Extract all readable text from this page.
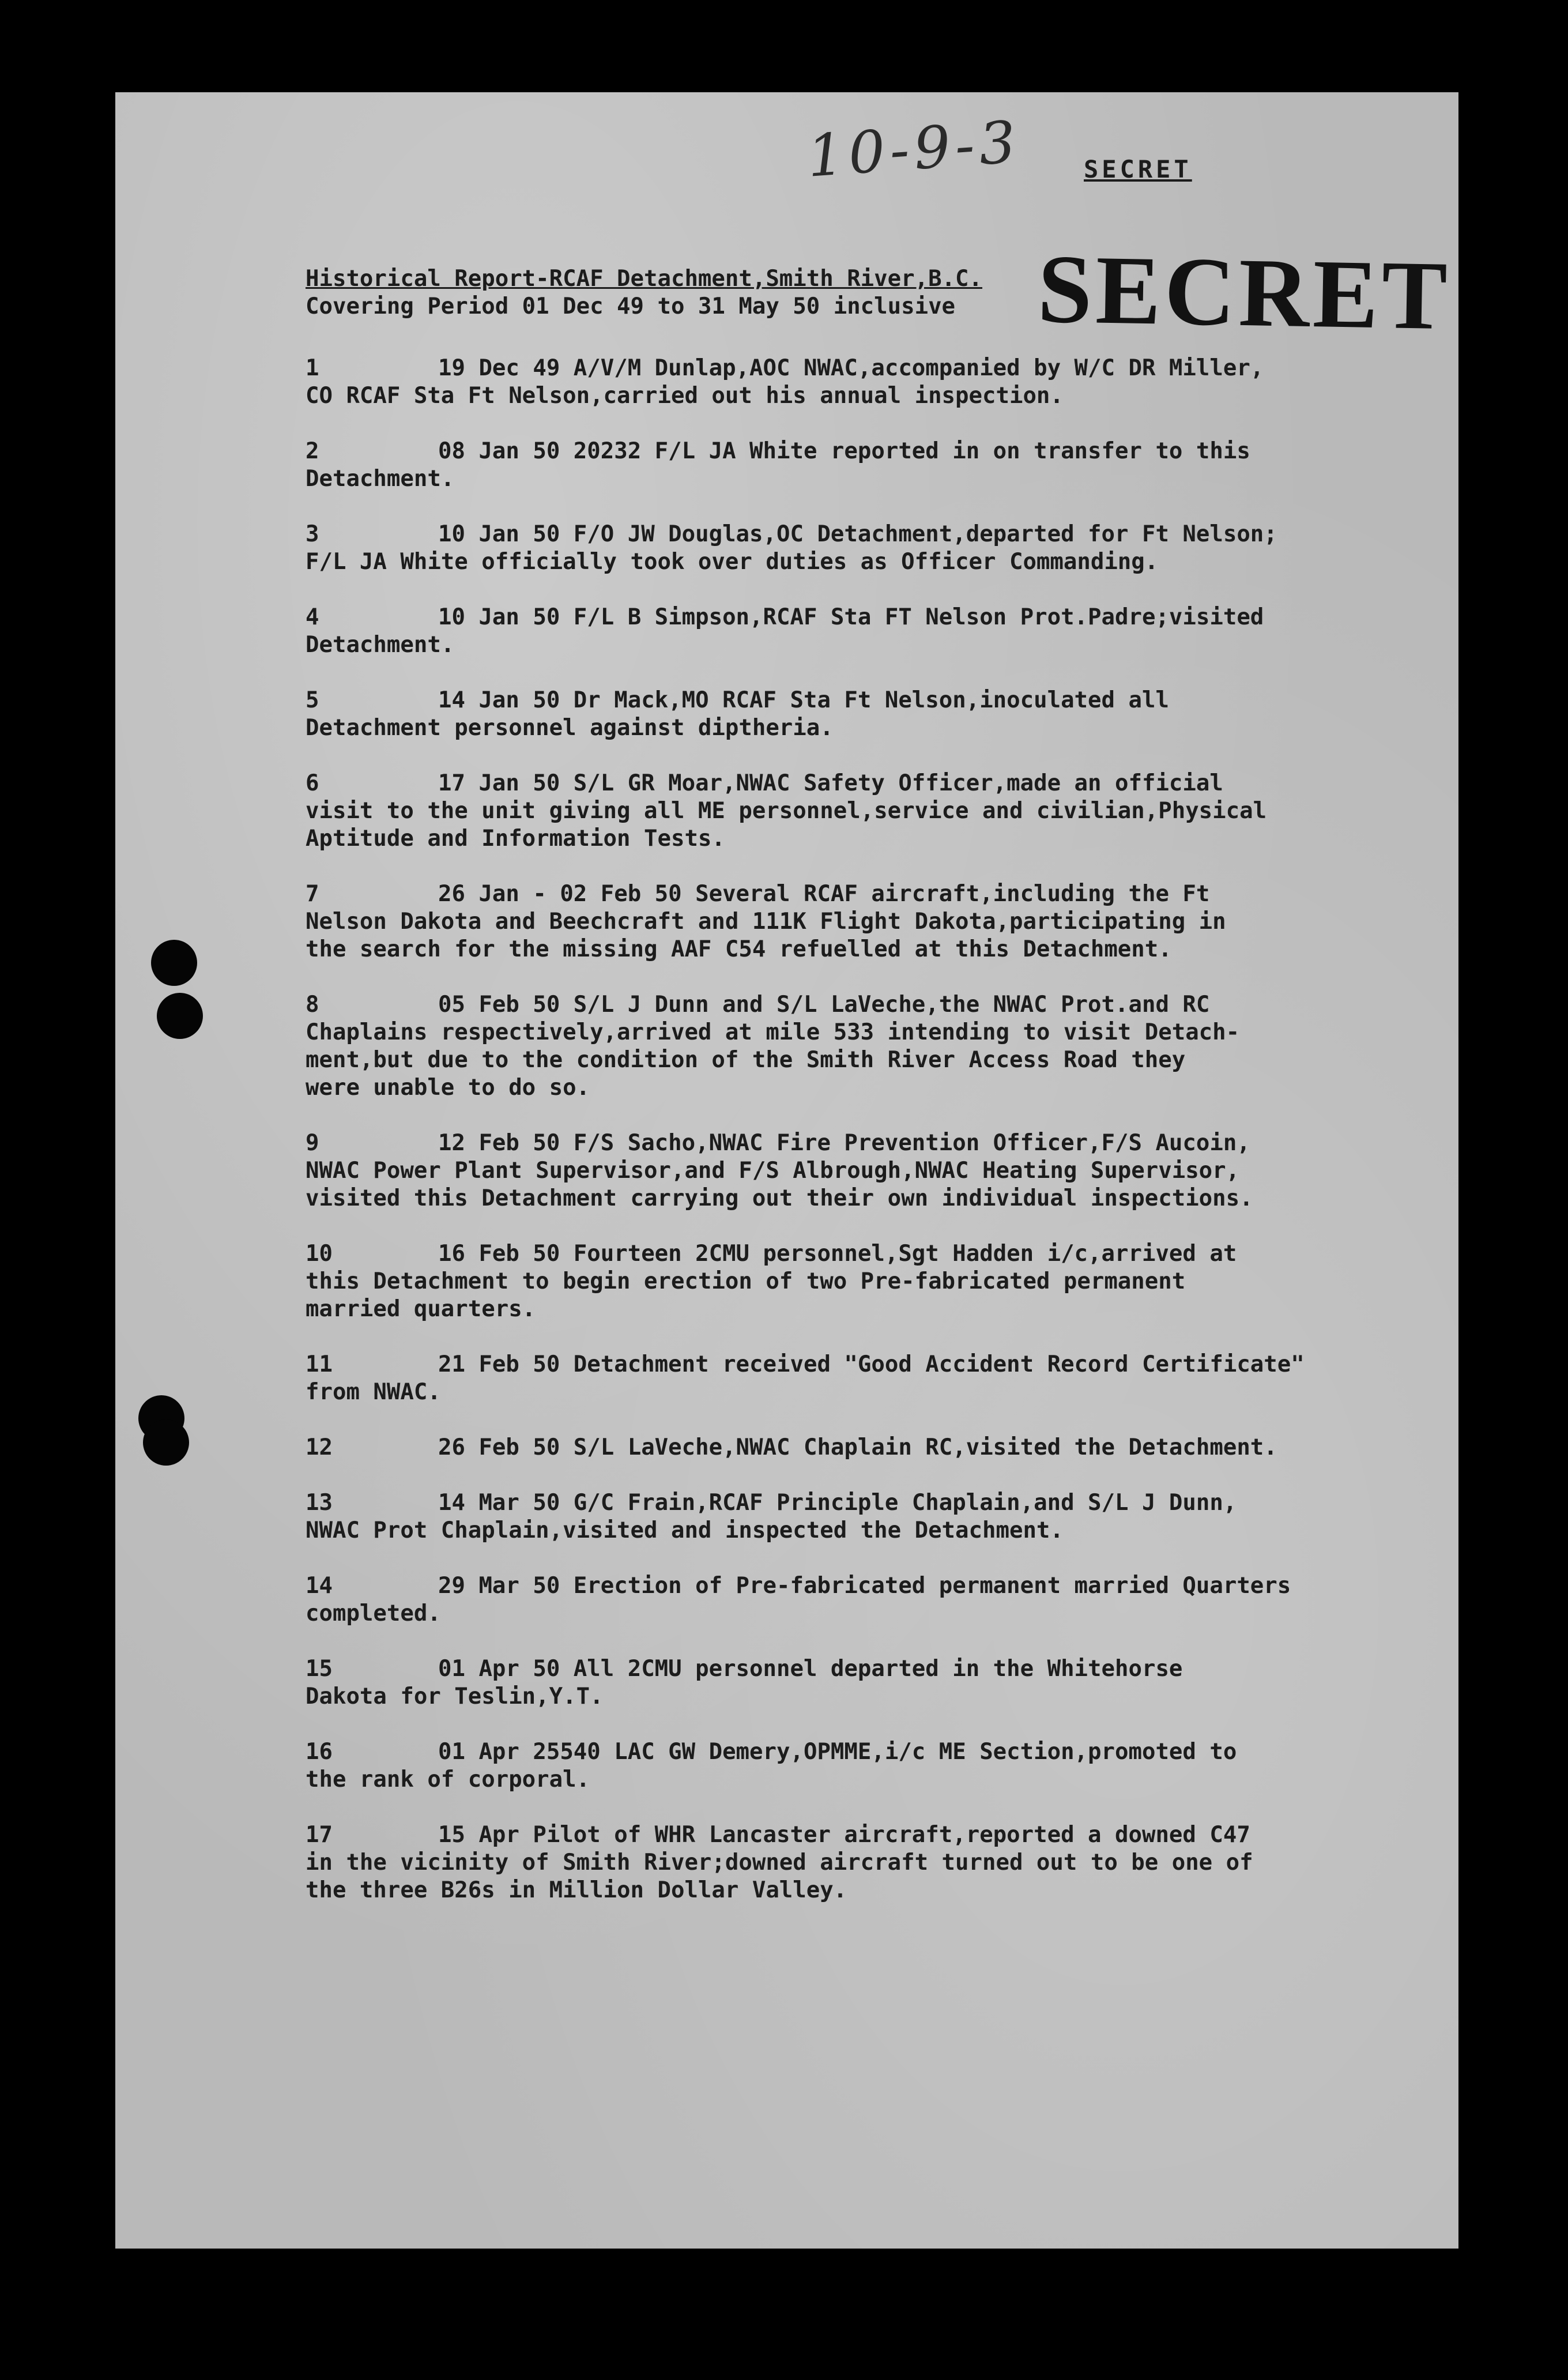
10-9-3	SECRET
SECRET
Historical Report-RCAF Detachment,Smith River,B.C.
Covering Period 01 Dec 49 to 31 May 50 inclusive
1	19 Dec 49 A/V/M Dunlap,AOC NWAC,accompanied by W/C DR Miller,
CO RCAF Sta Ft Nelson,carried out his annual inspection.
2	08 Jan 50 20232 F/L JA White reported in on transfer to this
Detachment.
3	10 Jan 50 F/O JW Douglas,OC Detachment,departed for Ft Nelson;
F/L JA White officially took over duties as Officer Commanding.
4	10 Jan 50 F/L B Simpson,RCAF Sta FT Nelson Prot.Padre;visited
Detachment.
5	14 Jan 50 Dr Mack,MO RCAF Sta Ft Nelson,inoculated all
Detachment personnel against diptheria.
6	17 Jan 50 S/L GR Moar,NWAC Safety Officer,made an official
visit to the unit giving all ME personnel,service and civilian,Physical
Aptitude and Information Tests.
7	26 Jan - 02 Feb 50 Several RCAF aircraft,including the Ft
Nelson Dakota and Beechcraft and 111K Flight Dakota,participating in
the search for the missing AAF C54 refuelled at this Detachment.
8	05 Feb 50 S/L J Dunn and S/L LaVeche,the NWAC Prot.and RC
Chaplains respectively,arrived at mile 533 intending to visit Detach-
ment,but due to the condition of the Smith River Access Road they
were unable to do so.
9	12 Feb 50 F/S Sacho,NWAC Fire Prevention Officer,F/S Aucoin,
NWAC Power Plant Supervisor,and F/S Albrough,NWAC Heating Supervisor,
visited this Detachment carrying out their own individual inspections.
10	16 Feb 50 Fourteen 2CMU personnel,Sgt Hadden i/c,arrived at
this Detachment to begin erection of two Pre-fabricated permanent
married quarters.
11	21 Feb 50 Detachment received "Good Accident Record Certificate"
from NWAC.
12	26 Feb 50 S/L LaVeche,NWAC Chaplain RC,visited the Detachment.
13	14 Mar 50 G/C Frain,RCAF Principle Chaplain,and S/L J Dunn,
NWAC Prot Chaplain,visited and inspected the Detachment.
14	29 Mar 50 Erection of Pre-fabricated permanent married Quarters
completed.
15	01 Apr 50 All 2CMU personnel departed in the Whitehorse
Dakota for Teslin,Y.T.
16	01 Apr 25540 LAC GW Demery,OPMME,i/c ME Section,promoted to
the rank of corporal.
17	15 Apr Pilot of WHR Lancaster aircraft,reported a downed C47
in the vicinity of Smith River;downed aircraft turned out to be one of
the three B26s in Million Dollar Valley.
